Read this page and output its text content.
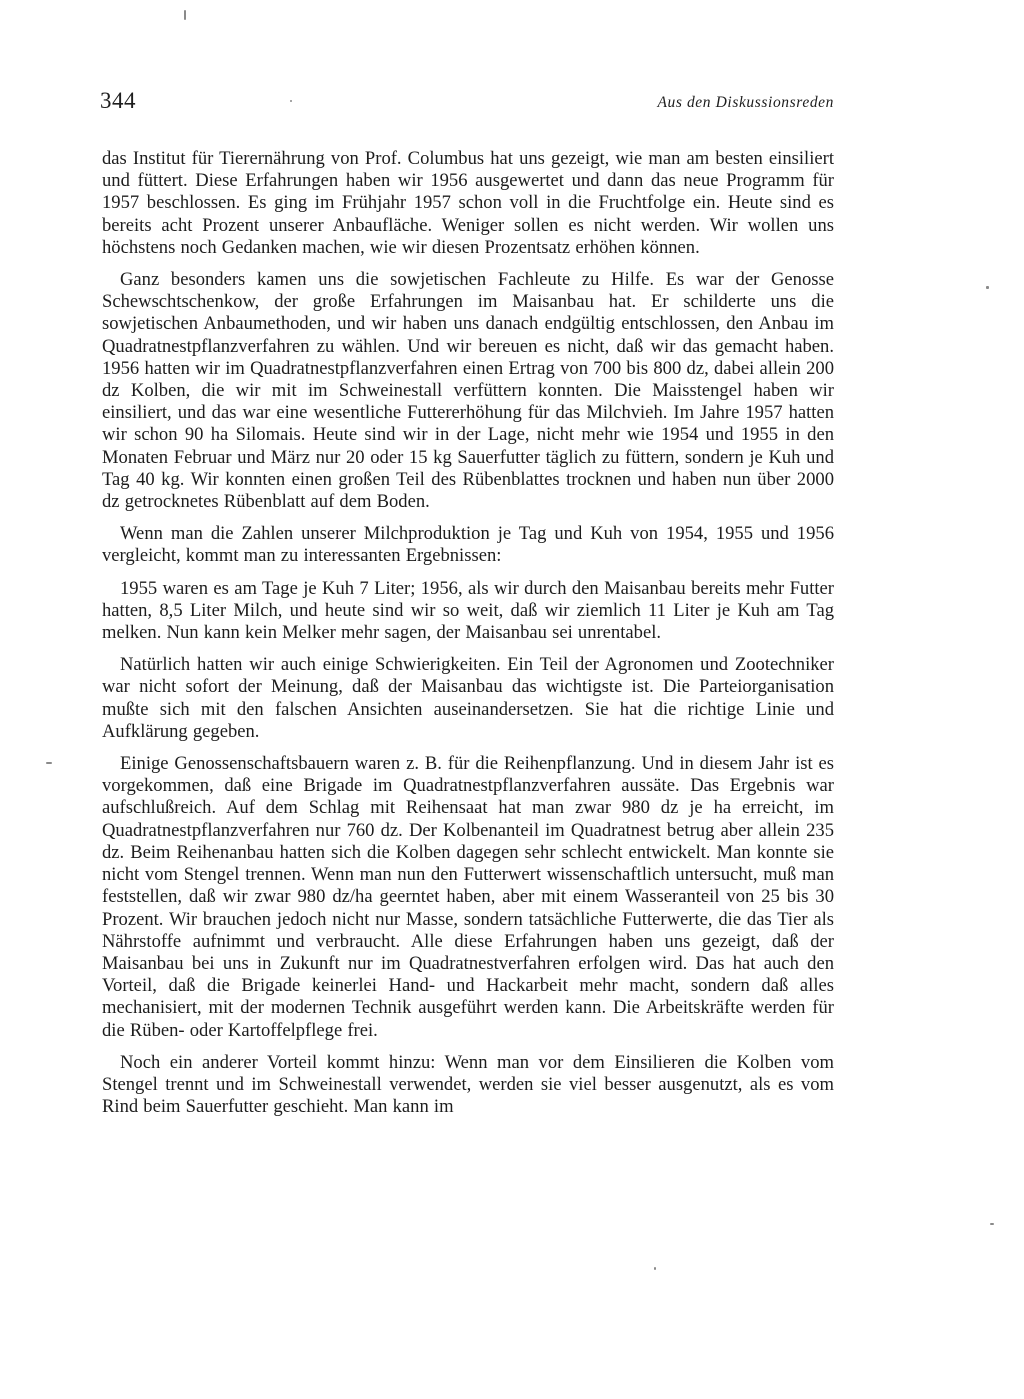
344	Aus den Diskussionsreden

das Institut für Tierernährung von Prof. Columbus hat uns gezeigt, wie man am besten einsiliert und füttert. Diese Erfahrungen haben wir 1956 ausgewertet und dann das neue Programm für 1957 beschlossen. Es ging im Frühjahr 1957 schon voll in die Fruchtfolge ein. Heute sind es bereits acht Prozent unserer Anbaufläche. Weniger sollen es nicht werden. Wir wollen uns höchstens noch Gedanken machen, wie wir diesen Prozentsatz erhöhen können.

Ganz besonders kamen uns die sowjetischen Fachleute zu Hilfe. Es war der Genosse Schewschtschenkow, der große Erfahrungen im Maisanbau hat. Er schilderte uns die sowjetischen Anbaumethoden, und wir haben uns danach endgültig entschlossen, den Anbau im Quadratnestpflanzverfahren zu wählen. Und wir bereuen es nicht, daß wir das gemacht haben. 1956 hatten wir im Quadratnestpflanzverfahren einen Ertrag von 700 bis 800 dz, dabei allein 200 dz Kolben, die wir mit im Schweinestall verfüttern konnten. Die Maisstengel haben wir einsiliert, und das war eine wesentliche Futtererhöhung für das Milchvieh. Im Jahre 1957 hatten wir schon 90 ha Silomais. Heute sind wir in der Lage, nicht mehr wie 1954 und 1955 in den Monaten Februar und März nur 20 oder 15 kg Sauerfutter täglich zu füttern, sondern je Kuh und Tag 40 kg. Wir konnten einen großen Teil des Rübenblattes trocknen und haben nun über 2000 dz getrocknetes Rübenblatt auf dem Boden.

Wenn man die Zahlen unserer Milchproduktion je Tag und Kuh von 1954, 1955 und 1956 vergleicht, kommt man zu interessanten Ergebnissen:

1955 waren es am Tage je Kuh 7 Liter; 1956, als wir durch den Maisanbau bereits mehr Futter hatten, 8,5 Liter Milch, und heute sind wir so weit, daß wir ziemlich 11 Liter je Kuh am Tag melken. Nun kann kein Melker mehr sagen, der Maisanbau sei unrentabel.

Natürlich hatten wir auch einige Schwierigkeiten. Ein Teil der Agronomen und Zootechniker war nicht sofort der Meinung, daß der Maisanbau das wichtigste ist. Die Parteiorganisation mußte sich mit den falschen Ansichten auseinandersetzen. Sie hat die richtige Linie und Aufklärung gegeben.

Einige Genossenschaftsbauern waren z. B. für die Reihenpflanzung. Und in diesem Jahr ist es vorgekommen, daß eine Brigade im Quadratnestpflanzverfahren aussäte. Das Ergebnis war aufschlußreich. Auf dem Schlag mit Reihensaat hat man zwar 980 dz je ha erreicht, im Quadratnestpflanzverfahren nur 760 dz. Der Kolbenanteil im Quadratnest betrug aber allein 235 dz. Beim Reihenanbau hatten sich die Kolben dagegen sehr schlecht entwickelt. Man konnte sie nicht vom Stengel trennen. Wenn man nun den Futterwert wissenschaftlich untersucht, muß man feststellen, daß wir zwar 980 dz/ha geerntet haben, aber mit einem Wasseranteil von 25 bis 30 Prozent. Wir brauchen jedoch nicht nur Masse, sondern tatsächliche Futterwerte, die das Tier als Nährstoffe aufnimmt und verbraucht. Alle diese Erfahrungen haben uns gezeigt, daß der Maisanbau bei uns in Zukunft nur im Quadratnestverfahren erfolgen wird. Das hat auch den Vorteil, daß die Brigade keinerlei Hand- und Hackarbeit mehr macht, sondern daß alles mechanisiert, mit der modernen Technik ausgeführt werden kann. Die Arbeitskräfte werden für die Rüben- oder Kartoffelpflege frei.

Noch ein anderer Vorteil kommt hinzu: Wenn man vor dem Einsilieren die Kolben vom Stengel trennt und im Schweinestall verwendet, werden sie viel besser ausgenutzt, als es vom Rind beim Sauerfutter geschieht. Man kann im
